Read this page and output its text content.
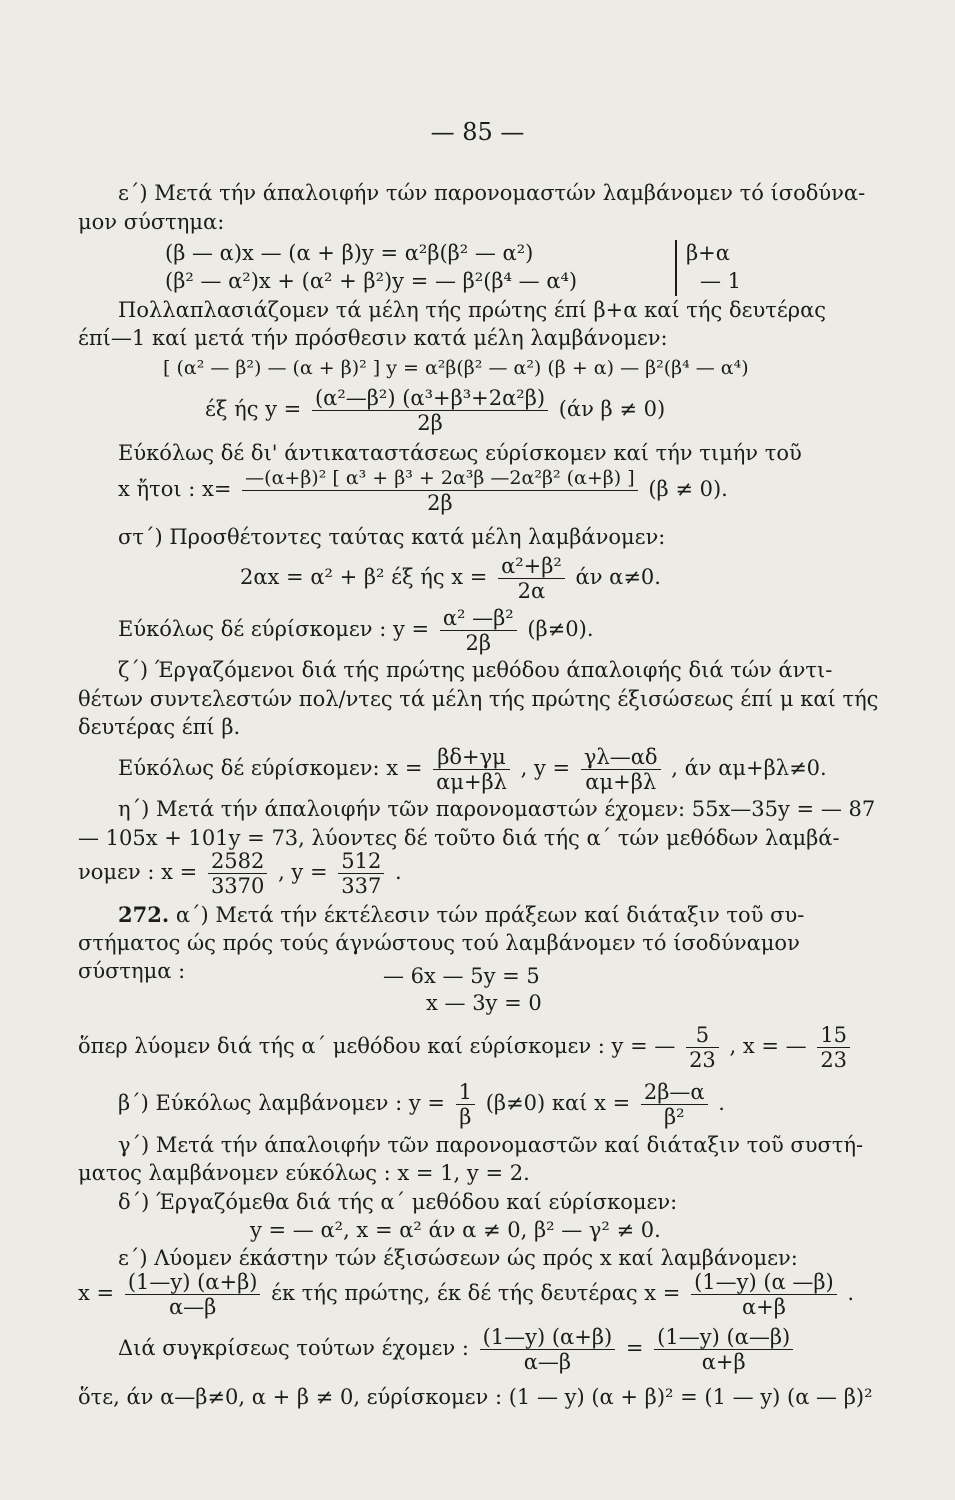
— 85 —
ε΄) Μετά τήν άπαλοιφήν τών παρονομαστών λαμβάνομεν τό ίσοδύνα-
μον σύστημα:
(β — α)x — (α + β)y = α²β(β² — α²)
(β² — α²)x + (α² + β²)y = — β²(β⁴ — α⁴)
β+α
— 1
Πολλαπλασιάζομεν τά μέλη τής πρώτης έπί β+α καί τής δευτέρας
έπί—1 καί μετά τήν πρόσθεσιν κατά μέλη λαμβάνομεν:
[ (α² — β²) — (α + β)² ] y = α²β(β² — α²) (β + α) — β²(β⁴ — α⁴)
έξ ής $y = \frac{\text{(α²—β²) (α³+β³+2α²β)}}{2\beta} (ά\nu$ β ≠ 0)
Εύκόλως δέ δι' άντικαταστάσεως εύρίσκομεν καί τήν τιμήν τοῦ
x ἤτοι : $x= \frac{\text{—(α+β)² [ α³ + β³ + 2α³β —2α²β² (α+β) ]}}{2\beta} (\beta \ne 0)$.
στ΄) Προσθέτοντες ταύτας κατά μέλη λαμβάνομεν:
2αx = α² + β² έξ ής $x = \frac{\text{α²+β²}}{2\alpha}$ άν α≠0.
Εύκόλως δέ εύρίσκομεν : $y = \frac{\text{α² —β²}}{2\beta} (\beta\ne 0)$.
ζ΄) Έργαζόμενοι διά τής πρώτης μεθόδου άπαλοιφής διά τών άντι-
θέτων συντελεστών πολ/ντες τά μέλη τής πρώτης έξισώσεως έπί μ καί τής
δευτέρας έπί β.
Εύκόλως δέ εύρίσκομεν: $x = \frac{\beta\delta+\gamma\mu}{\alpha\mu+\beta\lambda}$ , $y = \frac{\gamma\lambda—\alpha\delta}{\alpha\mu+\beta\lambda}$ , άν αμ+βλ≠0.
η΄) Μετά τήν άπαλοιφήν τῶν παρονομαστών έχομεν: 55x—35y = — 87
— 105x + 101y = 73, λύοντες δέ τοῦτο διά τής α΄ τών μεθόδων λαμβά-
νομεν : $x = \frac{2582}{3370}$ , $y = \frac{512}{337}$ .
272. α΄) Μετά τήν έκτέλεσιν τών πράξεων καί διάταξιν τοῦ συ-
στήματος ώς πρός τούς άγνώστους τού λαμβάνομεν τό ίσοδύναμον
σύστημα :	— 6x — 5y = 5
x — 3y = 0
ὅπερ λύομεν διά τής α΄ μεθόδου καί εύρίσκομεν : y = — $\frac{5}{23}$ , x = — $\frac{15}{23}$
β΄) Εύκόλως λαμβάνομεν : $y = \frac{1}{\beta} (\beta\ne 0)$ καί $x = \frac{2\beta—\alpha}{\text{β²}}$ .
γ΄) Μετά τήν άπαλοιφήν τῶν παρονομαστῶν καί διάταξιν τοῦ συστή-
ματος λαμβάνομεν εύκόλως : x = 1, y = 2.
δ΄) Έργαζόμεθα διά τής α΄ μεθόδου καί εύρίσκομεν:
y = — α², x = α² άν α ≠ 0, β² — γ² ≠ 0.
ε΄) Λύομεν έκάστην τών έξισώσεων ώς πρός x καί λαμβάνομεν:
$x = \frac{(1—y) (\alpha+\beta)}{\alpha—\beta}$ έκ τής πρώτης, έκ δέ τής δευτέρας $x = \frac{(1—y) (\alpha —\beta)}{\alpha+\beta}$ .
Διά συγκρίσεως τούτων έχομεν : $\frac{(1—y) (\alpha+\beta)}{\alpha—\beta} = \frac{(1—y) (\alpha—\beta)}{\alpha+\beta}$
ὅτε, άν α—β≠0, α + β ≠ 0, εύρίσκομεν : (1 — y) (α + β)² = (1 — y) (α — β)²
